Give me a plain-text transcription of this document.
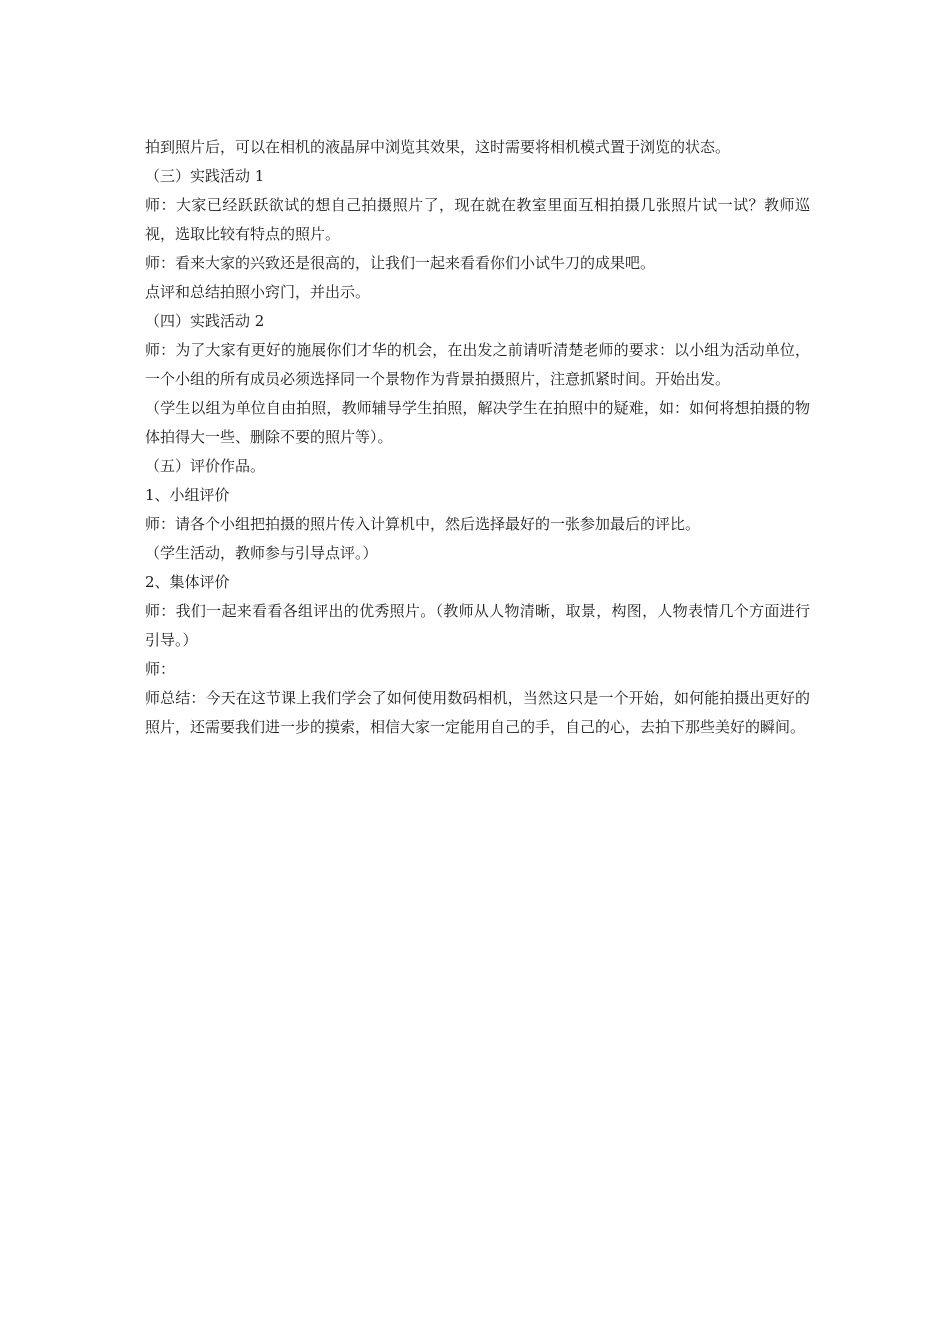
拍到照片后，可以在相机的液晶屏中浏览其效果，这时需要将相机模式置于浏览的状态。

（三）实践活动 1

师：大家已经跃跃欲试的想自己拍摄照片了，现在就在教室里面互相拍摄几张照片试一试？教师巡视，选取比较有特点的照片。

师：看来大家的兴致还是很高的，让我们一起来看看你们小试牛刀的成果吧。

点评和总结拍照小窍门，并出示。

（四）实践活动 2

师：为了大家有更好的施展你们才华的机会，在出发之前请听清楚老师的要求：以小组为活动单位，一个小组的所有成员必须选择同一个景物作为背景拍摄照片，注意抓紧时间。开始出发。

（学生以组为单位自由拍照，教师辅导学生拍照，解决学生在拍照中的疑难，如：如何将想拍摄的物体拍得大一些、删除不要的照片等）。

（五）评价作品。

1、小组评价

师：请各个小组把拍摄的照片传入计算机中，然后选择最好的一张参加最后的评比。

（学生活动，教师参与引导点评。）

2、集体评价

师：我们一起来看看各组评出的优秀照片。（教师从人物清晰，取景，构图，人物表情几个方面进行引导。）

师：

师总结：今天在这节课上我们学会了如何使用数码相机，当然这只是一个开始，如何能拍摄出更好的照片，还需要我们进一步的摸索，相信大家一定能用自己的手，自己的心，去拍下那些美好的瞬间。
